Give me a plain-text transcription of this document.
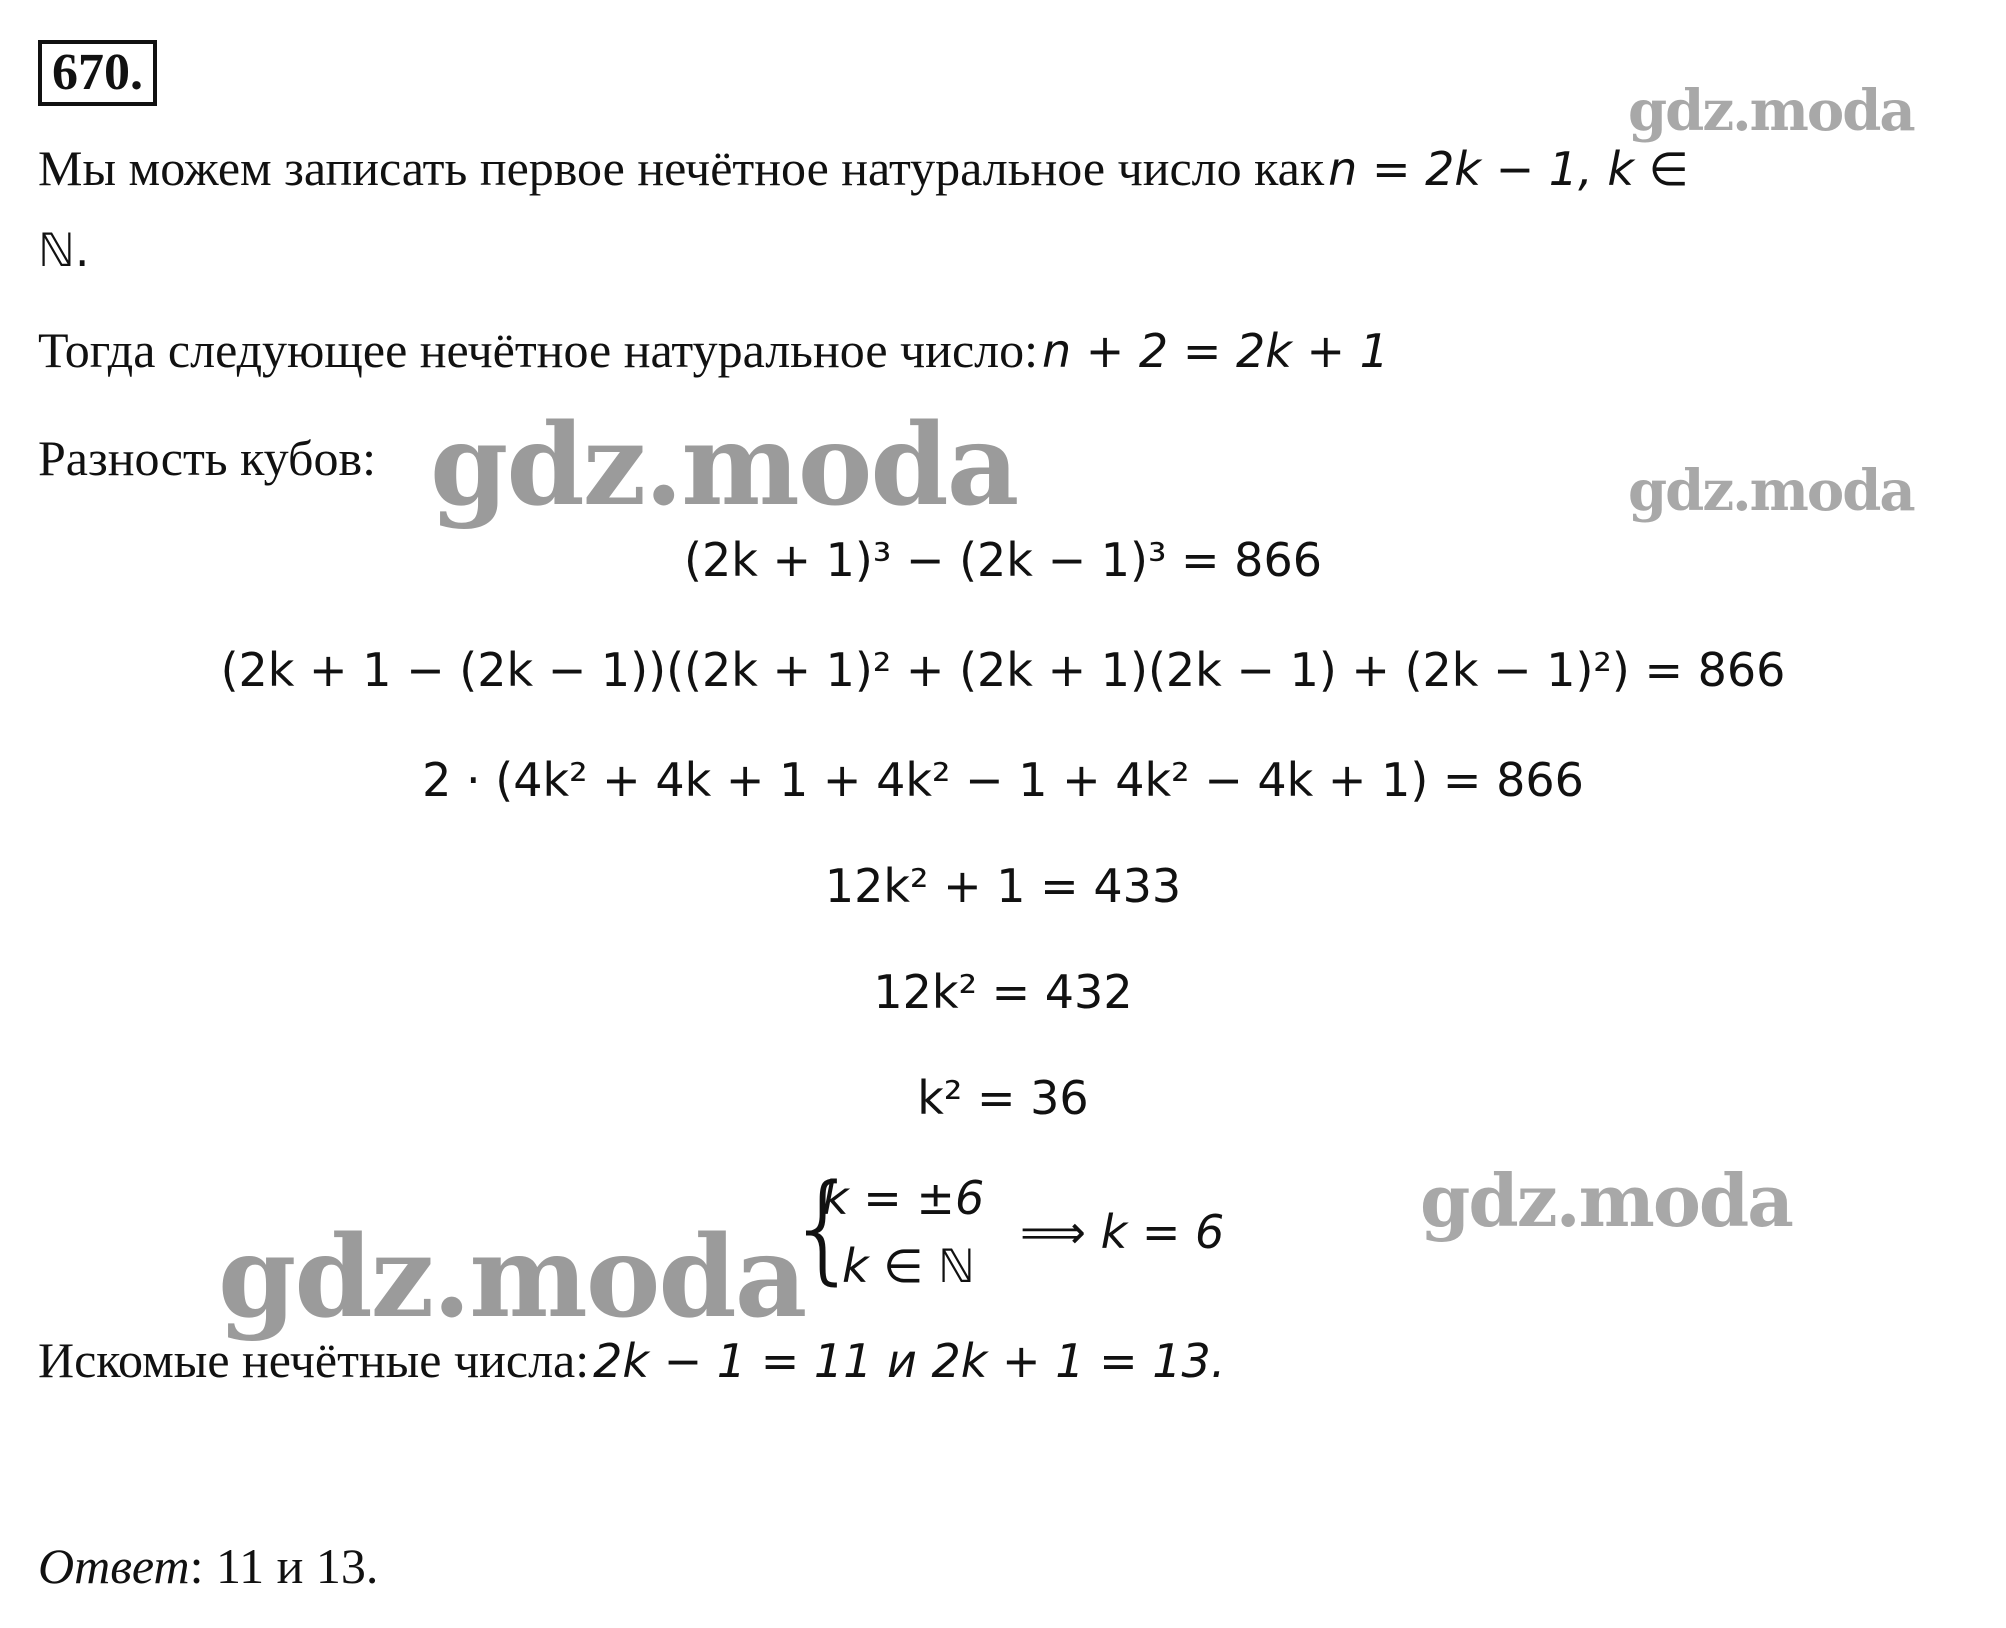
670.
gdz.moda
gdz.moda	gdz.moda
gdz.moda
gdz.moda
Мы можем записать первое нечётное натуральное число как n = 2k − 1, k ∈
ℕ.
Тогда следующее нечётное натуральное число: n + 2 = 2k + 1
Разность кубов:
(2k + 1)³ − (2k − 1)³ = 866
(2k + 1 − (2k − 1))((2k + 1)² + (2k + 1)(2k − 1) + (2k − 1)²) = 866
2 · (4k² + 4k + 1 + 4k² − 1 + 4k² − 4k + 1) = 866
12k² + 1 = 433
12k² = 432
k² = 36
{
k = ±6
k ∈ ℕ
⟹ k = 6
Искомые нечётные числа: 2k − 1 = 11 и 2k + 1 = 13.
Ответ: 11 и 13.
